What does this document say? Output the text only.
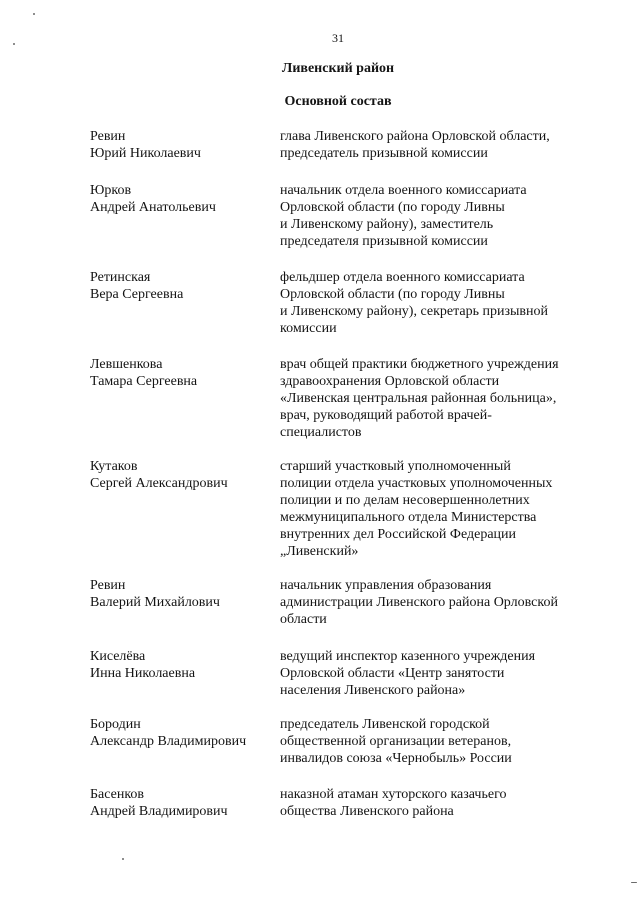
31
Ливенский район
Основной состав
Ревин
Юрий Николаевич
глава Ливенского района Орловской области,
председатель призывной комиссии
Юрков
Андрей Анатольевич
начальник отдела военного комиссариата
Орловской области (по городу Ливны
и Ливенскому району), заместитель
председателя призывной комиссии
Ретинская
Вера Сергеевна
фельдшер отдела военного комиссариата
Орловской области (по городу Ливны
и Ливенскому району), секретарь призывной
комиссии
Левшенкова
Тамара Сергеевна
врач общей практики бюджетного учреждения
здравоохранения Орловской области
«Ливенская центральная районная больница»,
врач, руководящий работой врачей-
специалистов
Кутаков
Сергей Александрович
старший участковый уполномоченный
полиции отдела участковых уполномоченных
полиции и по делам несовершеннолетних
межмуниципального отдела Министерства
внутренних дел Российской Федерации
„Ливенский»
Ревин
Валерий Михайлович
начальник управления образования
администрации Ливенского района Орловской
области
Киселёва
Инна Николаевна
ведущий инспектор казенного учреждения
Орловской области «Центр занятости
населения Ливенского района»
Бородин
Александр Владимирович
председатель Ливенской городской
общественной организации ветеранов,
инвалидов союза «Чернобыль» России
Басенков
Андрей Владимирович
наказной атаман хуторского казачьего
общества Ливенского района
